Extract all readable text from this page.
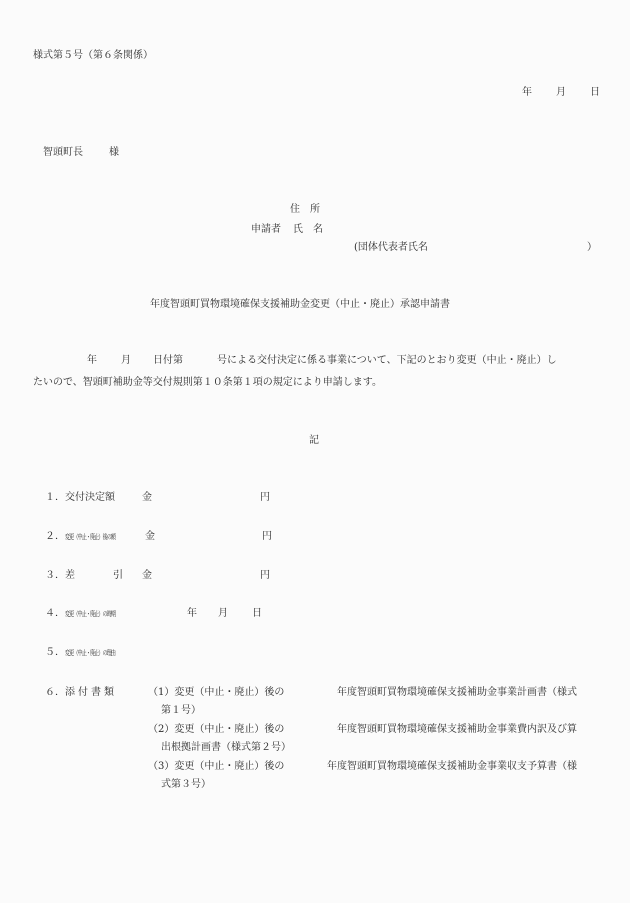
様式第５号（第６条関係）
年 月 日
智頭町長	様
住　所
申請者 氏　名
(団体代表者氏名	）
年度智頭町買物環境確保支援補助金変更（中止・廃止）承認申請書
年 月 日付第	号による交付決定に係る事業について、下記のとおり変更（中止・廃止）し
たいので、智頭町補助金等交付規則第１０条第１項の規定により申請します。
記
１．交付決定額	金	円
２．変更（中止・廃止）後の額	金	円
３．差　　引 金	円
４．変更（中止・廃止）の時期	年 月 日
５．変更（中止・廃止）の理由
６．添付書類	（1）変更（中止・廃止）後の	年度智頭町買物環境確保支援補助金事業計画書（様式
第１号）
（2）変更（中止・廃止）後の	年度智頭町買物環境確保支援補助金事業費内訳及び算
出根拠計画書（様式第２号）
（3）変更（中止・廃止）後の	年度智頭町買物環境確保支援補助金事業収支予算書（様
式第３号）
